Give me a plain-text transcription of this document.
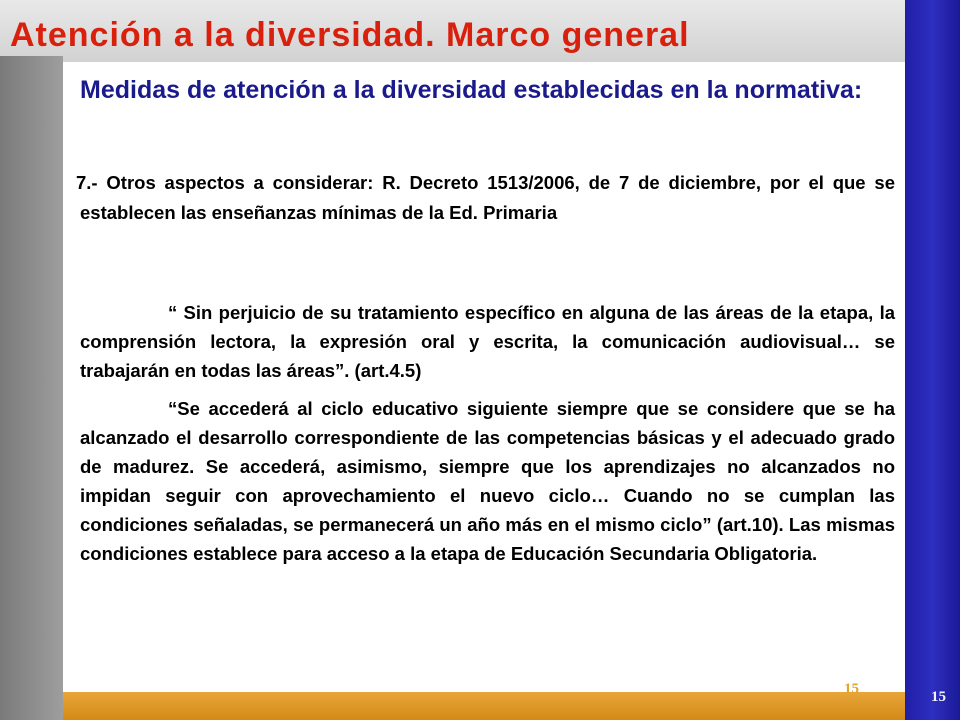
Atención a la diversidad. Marco general
Medidas de atención a la diversidad establecidas en la normativa:

7.- Otros aspectos a considerar: R. Decreto 1513/2006, de 7 de diciembre, por el que se establecen las enseñanzas mínimas de la Ed. Primaria

“ Sin perjuicio de su tratamiento específico en alguna de las áreas de la etapa, la comprensión lectora, la expresión oral y escrita, la comunicación audiovisual… se trabajarán en todas las áreas”. (art.4.5)

“Se accederá al ciclo educativo siguiente siempre que se considere que se ha alcanzado el desarrollo correspondiente de las competencias básicas y el adecuado grado de madurez. Se accederá, asimismo, siempre que los aprendizajes no alcanzados no impidan seguir con aprovechamiento el nuevo ciclo… Cuando no se cumplan las condiciones señaladas, se permanecerá un año más en el mismo ciclo” (art.10). Las mismas condiciones establece para acceso a la etapa de Educación Secundaria Obligatoria.

15	15
